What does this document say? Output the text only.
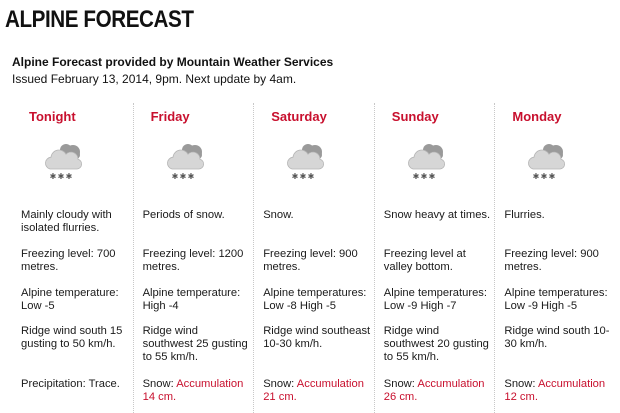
ALPINE FORECAST
Alpine Forecast provided by Mountain Weather Services
Issued February 13, 2014, 9pm. Next update by 4am.
Tonight
✱ ✱ ✱
Mainly cloudy with isolated flurries.
Freezing level: 700 metres.
Alpine temperature: Low -5
Ridge wind south 15 gusting to 50 km/h.
Precipitation: Trace.
Friday
✱ ✱ ✱
Periods of snow.
Freezing level: 1200 metres.
Alpine temperature: High -4
Ridge wind southwest 25 gusting to 55 km/h.
Snow: Accumulation 14 cm.
Saturday
✱ ✱ ✱
Snow.
Freezing level: 900 metres.
Alpine temperatures: Low -8 High -5
Ridge wind southeast 10-30 km/h.
Snow: Accumulation 21 cm.
Sunday
✱ ✱ ✱
Snow heavy at times.
Freezing level at valley bottom.
Alpine temperatures: Low -9 High -7
Ridge wind southwest 20 gusting to 55 km/h.
Snow: Accumulation 26 cm.
Monday
✱ ✱ ✱
Flurries.
Freezing level: 900 metres.
Alpine temperatures: Low -9 High -5
Ridge wind south 10-30 km/h.
Snow: Accumulation 12 cm.
